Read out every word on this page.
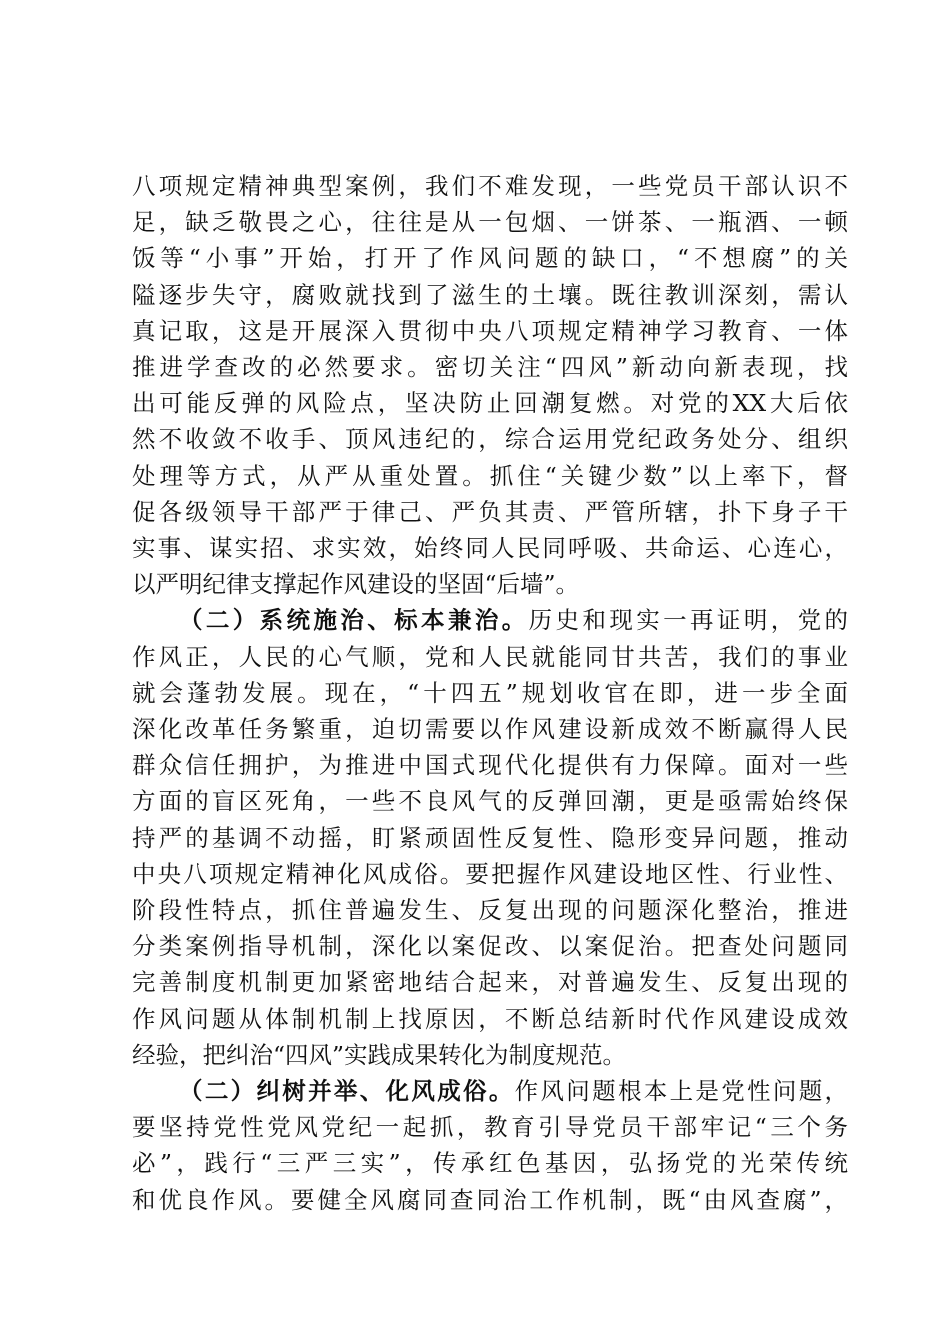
八项规定精神典型案例，我们不难发现，一些党员干部认识不
足，缺乏敬畏之心，往往是从一包烟、一饼茶、一瓶酒、一顿
饭等“小事”开始，打开了作风问题的缺口，“不想腐”的关
隘逐步失守，腐败就找到了滋生的土壤。既往教训深刻，需认
真记取，这是开展深入贯彻中央八项规定精神学习教育、一体
推进学查改的必然要求。密切关注“四风”新动向新表现，找
出可能反弹的风险点，坚决防止回潮复燃。对党的XX大后依
然不收敛不收手、顶风违纪的，综合运用党纪政务处分、组织
处理等方式，从严从重处置。抓住“关键少数”以上率下，督
促各级领导干部严于律己、严负其责、严管所辖，扑下身子干
实事、谋实招、求实效，始终同人民同呼吸、共命运、心连心，
以严明纪律支撑起作风建设的坚固“后墙”。

（二）系统施治、标本兼治。历史和现实一再证明，党的
作风正，人民的心气顺，党和人民就能同甘共苦，我们的事业
就会蓬勃发展。现在，“十四五”规划收官在即，进一步全面
深化改革任务繁重，迫切需要以作风建设新成效不断赢得人民
群众信任拥护，为推进中国式现代化提供有力保障。面对一些
方面的盲区死角，一些不良风气的反弹回潮，更是亟需始终保
持严的基调不动摇，盯紧顽固性反复性、隐形变异问题，推动
中央八项规定精神化风成俗。要把握作风建设地区性、行业性、
阶段性特点，抓住普遍发生、反复出现的问题深化整治，推进
分类案例指导机制，深化以案促改、以案促治。把查处问题同
完善制度机制更加紧密地结合起来，对普遍发生、反复出现的
作风问题从体制机制上找原因，不断总结新时代作风建设成效
经验，把纠治“四风”实践成果转化为制度规范。

（二）纠树并举、化风成俗。作风问题根本上是党性问题，
要坚持党性党风党纪一起抓，教育引导党员干部牢记“三个务
必”，践行“三严三实”，传承红色基因，弘扬党的光荣传统
和优良作风。要健全风腐同查同治工作机制，既“由风查腐”，
